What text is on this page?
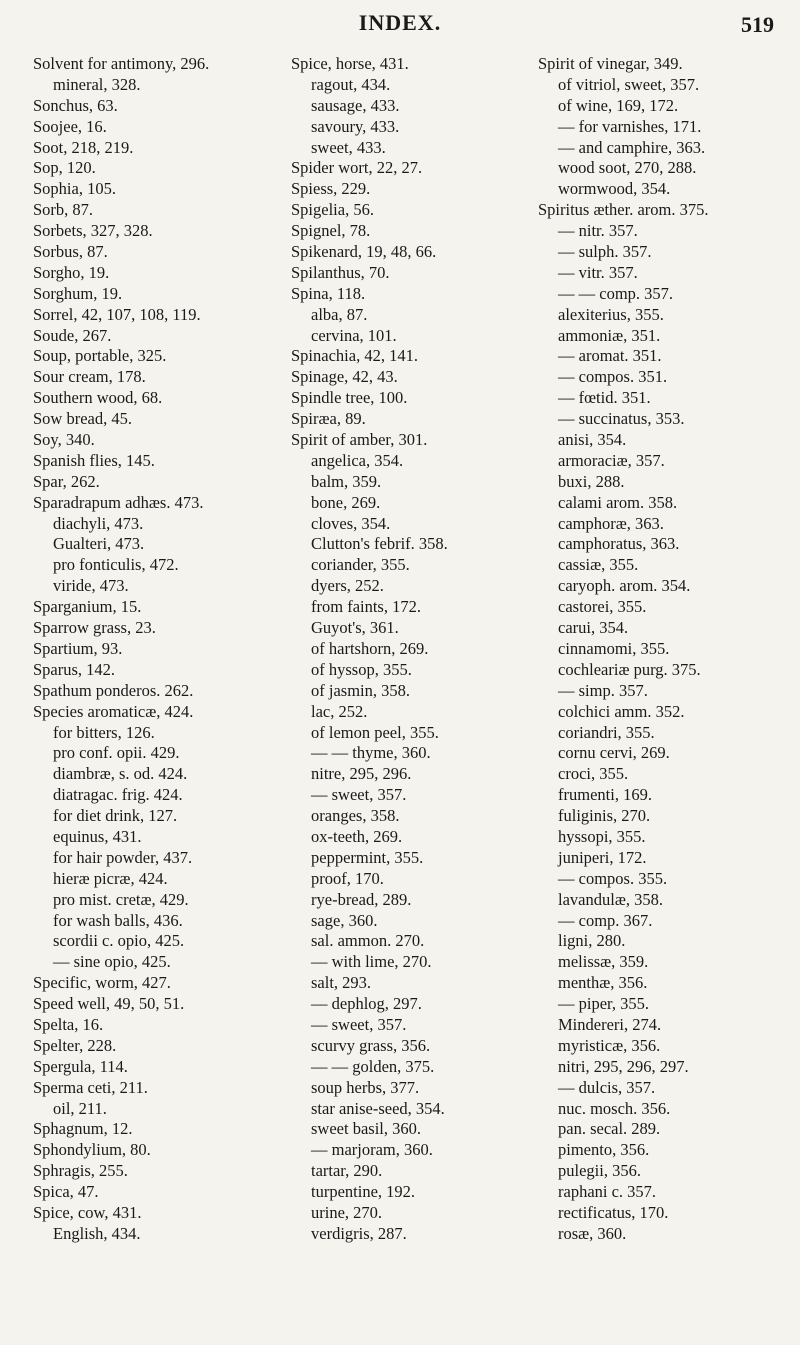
INDEX.	519
Solvent for antimony, 296.
mineral, 328.
Sonchus, 63.
Soojee, 16.
Soot, 218, 219.
Sop, 120.
Sophia, 105.
Sorb, 87.
Sorbets, 327, 328.
Sorbus, 87.
Sorgho, 19.
Sorghum, 19.
Sorrel, 42, 107, 108, 119.
Soude, 267.
Soup, portable, 325.
Sour cream, 178.
Southern wood, 68.
Sow bread, 45.
Soy, 340.
Spanish flies, 145.
Spar, 262.
Sparadrapum adhæs. 473.
diachyli, 473.
Gualteri, 473.
pro fonticulis, 472.
viride, 473.
Sparganium, 15.
Sparrow grass, 23.
Spartium, 93.
Sparus, 142.
Spathum ponderos. 262.
Species aromaticæ, 424.
for bitters, 126.
pro conf. opii. 429.
diambræ, s. od. 424.
diatragac. frig. 424.
for diet drink, 127.
equinus, 431.
for hair powder, 437.
hieræ picræ, 424.
pro mist. cretæ, 429.
for wash balls, 436.
scordii c. opio, 425.
— sine opio, 425.
Specific, worm, 427.
Speed well, 49, 50, 51.
Spelta, 16.
Spelter, 228.
Spergula, 114.
Sperma ceti, 211.
oil, 211.
Sphagnum, 12.
Sphondylium, 80.
Sphragis, 255.
Spica, 47.
Spice, cow, 431.
English, 434.
Spice, horse, 431.
ragout, 434.
sausage, 433.
savoury, 433.
sweet, 433.
Spider wort, 22, 27.
Spiess, 229.
Spigelia, 56.
Spignel, 78.
Spikenard, 19, 48, 66.
Spilanthus, 70.
Spina, 118.
alba, 87.
cervina, 101.
Spinachia, 42, 141.
Spinage, 42, 43.
Spindle tree, 100.
Spiræa, 89.
Spirit of amber, 301.
angelica, 354.
balm, 359.
bone, 269.
cloves, 354.
Clutton's febrif. 358.
coriander, 355.
dyers, 252.
from faints, 172.
Guyot's, 361.
of hartshorn, 269.
of hyssop, 355.
of jasmin, 358.
lac, 252.
of lemon peel, 355.
— — thyme, 360.
nitre, 295, 296.
— sweet, 357.
oranges, 358.
ox-teeth, 269.
peppermint, 355.
proof, 170.
rye-bread, 289.
sage, 360.
sal. ammon. 270.
— with lime, 270.
salt, 293.
— dephlog, 297.
— sweet, 357.
scurvy grass, 356.
— — golden, 375.
soup herbs, 377.
star anise-seed, 354.
sweet basil, 360.
— marjoram, 360.
tartar, 290.
turpentine, 192.
urine, 270.
verdigris, 287.
Spirit of vinegar, 349.
of vitriol, sweet, 357.
of wine, 169, 172.
— for varnishes, 171.
— and camphire, 363.
wood soot, 270, 288.
wormwood, 354.
Spiritus æther. arom. 375.
— nitr. 357.
— sulph. 357.
— vitr. 357.
— — comp. 357.
alexiterius, 355.
ammoniæ, 351.
— aromat. 351.
— compos. 351.
— fœtid. 351.
— succinatus, 353.
anisi, 354.
armoraciæ, 357.
buxi, 288.
calami arom. 358.
camphoræ, 363.
camphoratus, 363.
cassiæ, 355.
caryoph. arom. 354.
castorei, 355.
carui, 354.
cinnamomi, 355.
cochleariæ purg. 375.
— simp. 357.
colchici amm. 352.
coriandri, 355.
cornu cervi, 269.
croci, 355.
frumenti, 169.
fuliginis, 270.
hyssopi, 355.
juniperi, 172.
— compos. 355.
lavandulæ, 358.
— comp. 367.
ligni, 280.
melissæ, 359.
menthæ, 356.
— piper, 355.
Mindereri, 274.
myristicæ, 356.
nitri, 295, 296, 297.
— dulcis, 357.
nuc. mosch. 356.
pan. secal. 289.
pimento, 356.
pulegii, 356.
raphani c. 357.
rectificatus, 170.
rosæ, 360.
